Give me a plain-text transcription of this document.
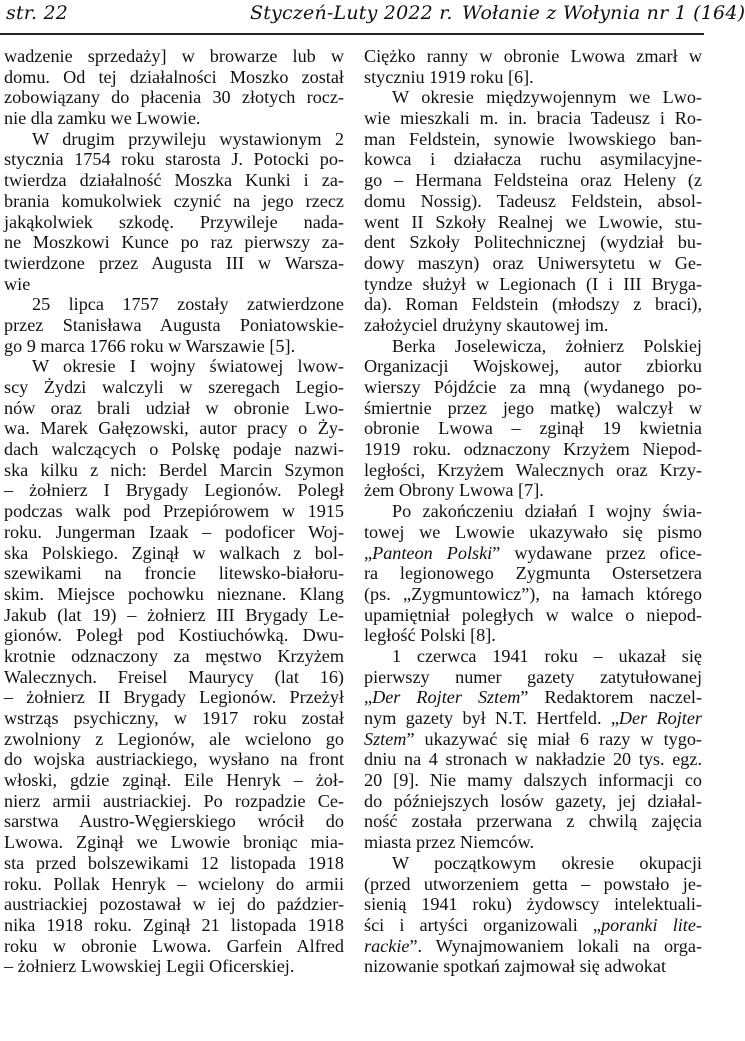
str. 22	Styczeń-Luty 2022 r. Wołanie z Wołynia nr 1 (164)

wadzenie sprzedaży] w browarze lub w
domu. Od tej działalności Moszko został
zobowiązany do płacenia 30 złotych rocz-
nie dla zamku we Lwowie.

W drugim przywileju wystawionym 2
stycznia 1754 roku starosta J. Potocki po-
twierdza działalność Moszka Kunki i za-
brania komukolwiek czynić na jego rzecz
jakąkolwiek szkodę. Przywileje nada-
ne Moszkowi Kunce po raz pierwszy za-
twierdzone przez Augusta III w Warsza-
wie

25 lipca 1757 zostały zatwierdzone
przez Stanisława Augusta Poniatowskie-
go 9 marca 1766 roku w Warszawie [5].

W okresie I wojny światowej lwow-
scy Żydzi walczyli w szeregach Legio-
nów oraz brali udział w obronie Lwo-
wa. Marek Gałęzowski, autor pracy o Ży-
dach walczących o Polskę podaje nazwi-
ska kilku z nich: Berdel Marcin Szymon
– żołnierz I Brygady Legionów. Poległ
podczas walk pod Przepiórowem w 1915
roku. Jungerman Izaak – podoficer Woj-
ska Polskiego. Zginął w walkach z bol-
szewikami na froncie litewsko-białoru-
skim. Miejsce pochowku nieznane. Klang
Jakub (lat 19) – żołnierz III Brygady Le-
gionów. Poległ pod Kostiuchówką. Dwu-
krotnie odznaczony za męstwo Krzyżem
Walecznych. Freisel Maurycy (lat 16)
– żołnierz II Brygady Legionów. Przeżył
wstrząs psychiczny, w 1917 roku został
zwolniony z Legionów, ale wcielono go
do wojska austriackiego, wysłano na front
włoski, gdzie zginął. Eile Henryk – żoł-
nierz armii austriackiej. Po rozpadzie Ce-
sarstwa Austro-Węgierskiego wrócił do
Lwowa. Zginął we Lwowie broniąc mia-
sta przed bolszewikami 12 listopada 1918
roku. Pollak Henryk – wcielony do armii
austriackiej pozostawał w iej do paździer-
nika 1918 roku. Zginął 21 listopada 1918
roku w obronie Lwowa. Garfein Alfred
– żołnierz Lwowskiej Legii Oficerskiej.

Ciężko ranny w obronie Lwowa zmarł w
styczniu 1919 roku [6].

W okresie międzywojennym we Lwo-
wie mieszkali m. in. bracia Tadeusz i Ro-
man Feldstein, synowie lwowskiego ban-
kowca i działacza ruchu asymilacyjne-
go – Hermana Feldsteina oraz Heleny (z
domu Nossig). Tadeusz Feldstein, absol-
went II Szkoły Realnej we Lwowie, stu-
dent Szkoły Politechnicznej (wydział bu-
dowy maszyn) oraz Uniwersytetu w Ge-
tyndze służył w Legionach (I i III Bryga-
da). Roman Feldstein (młodszy z braci),
założyciel drużyny skautowej im.

Berka Joselewicza, żołnierz Polskiej
Organizacji Wojskowej, autor zbiorku
wierszy Pójdźcie za mną (wydanego po-
śmiertnie przez jego matkę) walczył w
obronie Lwowa – zginął 19 kwietnia
1919 roku. odznaczony Krzyżem Niepod-
ległości, Krzyżem Walecznych oraz Krzy-
żem Obrony Lwowa [7].

Po zakończeniu działań I wojny świa-
towej we Lwowie ukazywało się pismo
„Panteon Polski” wydawane przez ofice-
ra legionowego Zygmunta Ostersetzera
(ps. „Zygmuntowicz”), na łamach którego
upamiętniał poległych w walce o niepod-
ległość Polski [8].

1 czerwca 1941 roku – ukazał się
pierwszy numer gazety zatytułowanej
„Der Rojter Sztem” Redaktorem naczel-
nym gazety był N.T. Hertfeld. „Der Rojter
Sztem” ukazywać się miał 6 razy w tygo-
dniu na 4 stronach w nakładzie 20 tys. egz.
20 [9]. Nie mamy dalszych informacji co
do późniejszych losów gazety, jej działal-
ność została przerwana z chwilą zajęcia
miasta przez Niemców.

W początkowym okresie okupacji
(przed utworzeniem getta – powstało je-
sienią 1941 roku) żydowscy intelektuali-
ści i artyści organizowali „poranki lite-
rackie”. Wynajmowaniem lokali na orga-
nizowanie spotkań zajmował się adwokat
